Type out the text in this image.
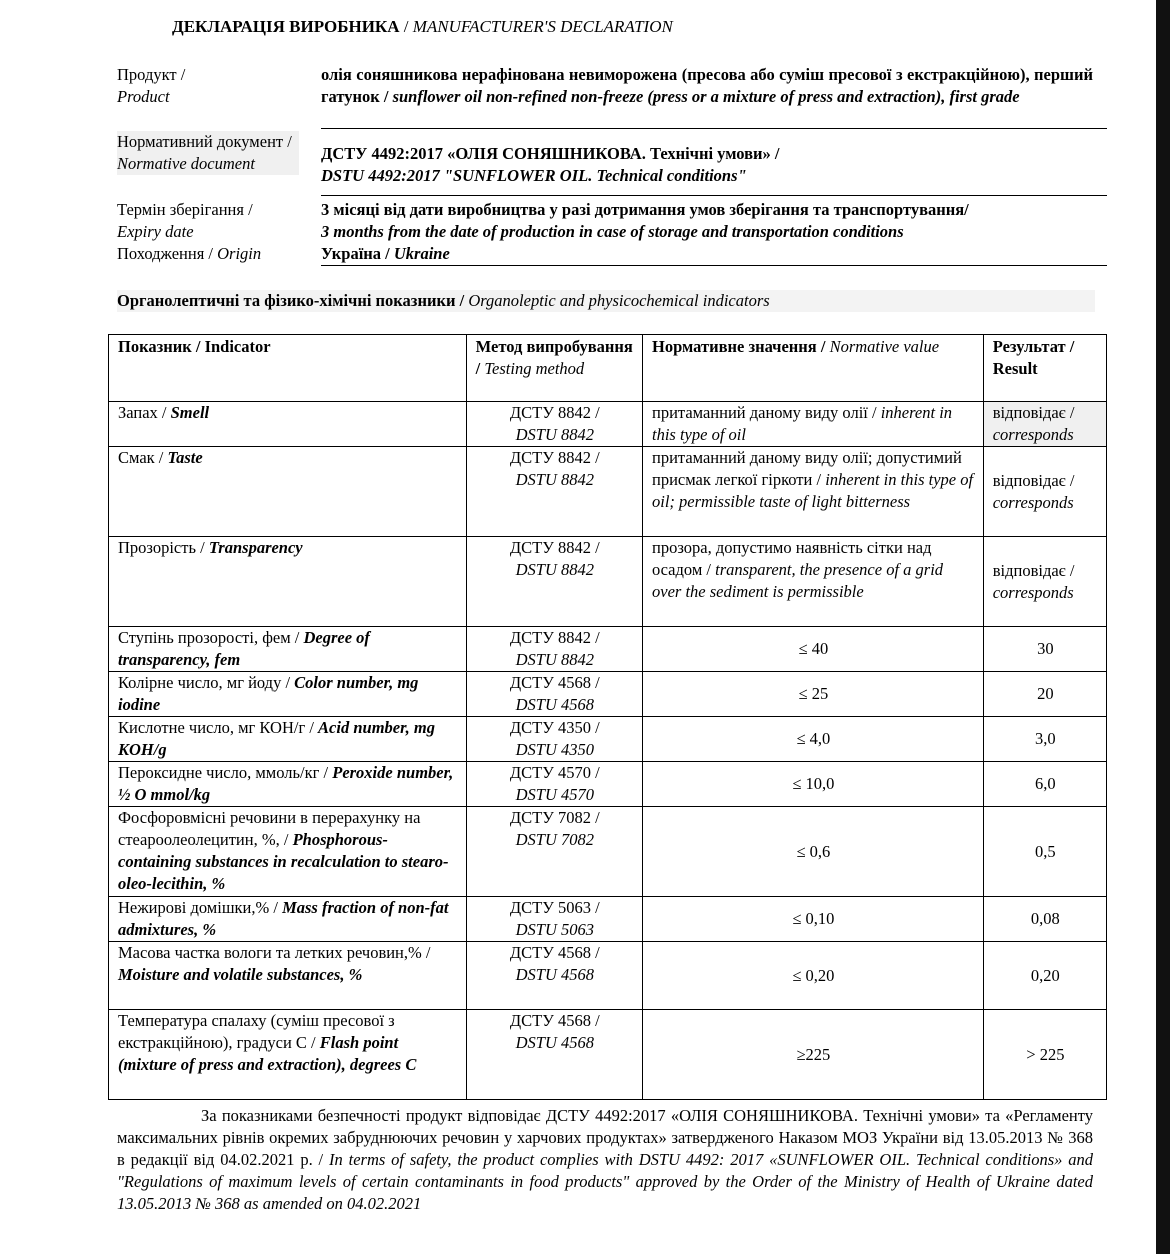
ДЕКЛАРАЦІЯ ВИРОБНИКА / MANUFACTURER'S DECLARATION
Продукт /
Product
олія соняшникова нерафінована невиморожена (пресова або суміш пресової з екстракційною), перший гатунок / sunflower oil non-refined non-freeze (press or a mixture of press and extraction), first grade
Нормативний документ / Normative document
ДСТУ 4492:2017 «ОЛІЯ СОНЯШНИКОВА. Технічні умови» /
DSTU 4492:2017 "SUNFLOWER OIL. Technical conditions"
Термін зберігання /
Expiry date
3 місяці від дати виробництва у разі дотримання умов зберігання та транспортування/
3 months from the date of production in case of storage and transportation conditions
Походження / Origin	Україна / Ukraine
Органолептичні та фізико-хімічні показники / Organoleptic and physicochemical indicators
Показник / Indicator	Метод випробування / Testing method	Нормативне значення / Normative value	Результат / Result
Запах / Smell	ДСТУ 8842 /
DSTU 8842	притаманний даному виду олії / inherent in this type of oil	відповідає /
corresponds

Смак / Taste	ДСТУ 8842 /
DSTU 8842	притаманний даному виду олії; допустимий присмак легкої гіркоти / inherent in this type of oil; permissible taste of light bitterness	відповідає /
corresponds

Прозорість / Transparency	ДСТУ 8842 /
DSTU 8842	прозора, допустимо наявність сітки над осадом / transparent, the presence of a grid over the sediment is permissible	відповідає /
corresponds

Ступінь прозорості, фем / Degree of transparency, fem	ДСТУ 8842 /
DSTU 8842	≤ 40	30
Колірне число, мг йоду / Color number, mg iodine	ДСТУ 4568 /
DSTU 4568	≤ 25	20
Кислотне число, мг КОН/г / Acid number, mg KOH/g	ДСТУ 4350 /
DSTU 4350	≤ 4,0	3,0
Пероксидне число, ммоль/кг / Peroxide number, ½ O mmol/kg	ДСТУ 4570 /
DSTU 4570	≤ 10,0	6,0
Фосфоровмісні речовини в перерахунку на стеароолеолецитин, %, / Phosphorous-containing substances in recalculation to stearo-oleo-lecithin, %	ДСТУ 7082 /
DSTU 7082	≤ 0,6	0,5
Нежирові домішки,% / Mass fraction of non-fat admixtures, %	ДСТУ 5063 /
DSTU 5063	≤ 0,10	0,08
Масова частка вологи та летких речовин,% / Moisture and volatile substances, %	ДСТУ 4568 /
DSTU 4568	≤ 0,20	0,20
Температура спалаху (суміш пресової з екстракційною), градуси С / Flash point (mixture of press and extraction), degrees C	ДСТУ 4568 /
DSTU 4568	≥225	> 225

За показниками безпечності продукт відповідає ДСТУ 4492:2017 «ОЛІЯ СОНЯШНИКОВА. Технічні умови» та «Регламенту максимальних рівнів окремих забруднюючих речовин у харчових продуктах» затвердженого Наказом МОЗ України від 13.05.2013 № 368 в редакції від 04.02.2021 р. / In terms of safety, the product complies with DSTU 4492: 2017 «SUNFLOWER OIL. Technical conditions» and "Regulations of maximum levels of certain contaminants in food products" approved by the Order of the Ministry of Health of Ukraine dated 13.05.2013 № 368 as amended on 04.02.2021
